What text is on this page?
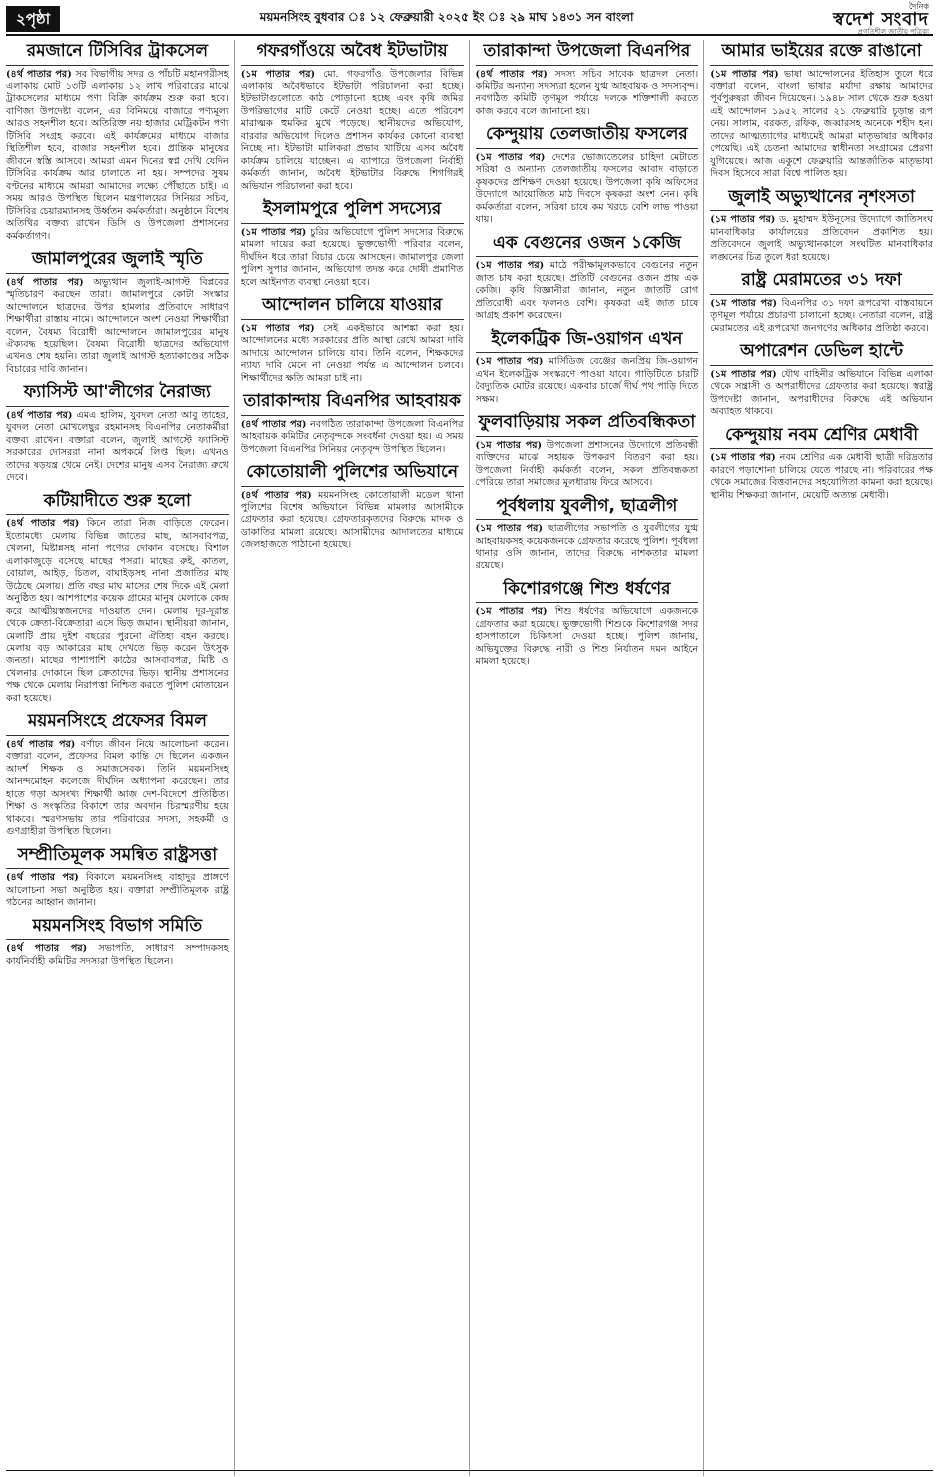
২পৃষ্ঠা	ময়মনসিংহ বুধবার ঃ ১২ ফেব্রুয়ারী ২০২৫ ইং ঃ ২৯ মাঘ ১৪৩১ সন বাংলা
দৈনিক
স্বদেশ সংবাদ
প্রগতিশীল জাতীয় পত্রিকা
রমজানে টিসিবির ট্রাকসেল

(৪র্থ পাতার পর) সব বিভাগীয় সদর ও পাঁচটি মহানগরীসহ এলাকায় মোট ১৩টি এলাকায় ১২ লাখ পরিবারের মাঝে ট্রাকসেলের মাধ্যমে পণ্য বিক্রি কার্যক্রম শুরু করা হবে। বাণিজ্য উপদেষ্টা বলেন, এর বিনিময়ে বাজারে পণ্যমূল্য আরও সহনশীল হবে। অতিরিক্ত নয় হাজার মেট্রিকটন পণ্য টিসিবি সংগ্রহ করবে। এই কার্যক্রমের মাধ্যমে বাজার স্থিতিশীল হবে, বাজার সহনশীল হবে। প্রান্তিক মানুষের জীবনে স্বস্তি আসবে। আমরা এমন দিনের স্বপ্ন দেখি যেদিন টিসিবির কার্যক্রম আর চালাতে না হয়। সম্পদের সুষম বণ্টনের মাধ্যমে আমরা আমাদের লক্ষ্যে পৌঁছাতে চাই। এ সময় আরও উপস্থিত ছিলেন মন্ত্রণালয়ের সিনিয়র সচিব, টিসিবির চেয়ারম্যানসহ উর্ধ্বতন কর্মকর্তারা। অনুষ্ঠানে বিশেষ অতিথির বক্তব্য রাখেন ডিসি ও উপজেলা প্রশাসনের কর্মকর্তাগণ।

জামালপুরের জুলাই স্মৃতি

(৪র্থ পাতার পর) অভ্যুত্থান জুলাই-আগস্ট বিপ্লবের স্মৃতিচারণ করছেন তারা। জামালপুরে কোটা সংস্কার আন্দোলনে ছাত্রদের উপর হামলার প্রতিবাদে সাধারণ শিক্ষার্থীরা রাস্তায় নামে। আন্দোলনে অংশ নেওয়া শিক্ষার্থীরা বলেন, বৈষম্য বিরোধী আন্দোলনে জামালপুরের মানুষ ঐক্যবদ্ধ হয়েছিল। বৈষম্য বিরোধী ছাত্রদের অভিযোগ এখনও শেষ হয়নি। তারা জুলাই আগস্ট হত্যাকাণ্ডের সঠিক বিচারের দাবি জানান।

ফ্যাসিস্ট আ'লীগের নৈরাজ্য

(৪র্থ পাতার পর) এমএ হালিম, যুবদল নেতা আবু তাহের, যুবদল নেতা মোখলেছুর রহমানসহ বিএনপির নেতাকর্মীরা বক্তব্য রাখেন। বক্তারা বলেন, জুলাই আগস্টে ফ্যাসিস্ট সরকারের দোসররা নানা অপকর্মে লিপ্ত ছিল। এখনও তাদের ষড়যন্ত্র থেমে নেই। দেশের মানুষ এসব নৈরাজ্য রুখে দেবে।

কটিয়াদীতে শুরু হলো

(৪র্থ পাতার পর) কিনে তারা নিজ বাড়িতে ফেরেন। ইতোমধ্যে মেলায় বিভিন্ন জাতের মাছ, আসবাবপত্র, খেলনা, মিষ্টান্নসহ নানা পণ্যের দোকান বসেছে। বিশাল এলাকাজুড়ে বসেছে মাছের পসরা। মাছের রুই, কাতল, বোয়াল, আইড়, চিতল, বাঘাইড়সহ নানা প্রজাতির মাছ উঠেছে মেলায়। প্রতি বছর মাঘ মাসের শেষ দিকে এই মেলা অনুষ্ঠিত হয়। আশপাশের কয়েক গ্রামের মানুষ মেলাকে কেন্দ্র করে আত্মীয়স্বজনদের দাওয়াত দেন। মেলায় দূর-দূরান্ত থেকে ক্রেতা-বিক্রেতারা এসে ভিড় জমান। স্থানীয়রা জানান, মেলাটি প্রায় দুইশ বছরের পুরনো ঐতিহ্য বহন করছে। মেলায় বড় আকারের মাছ দেখতে ভিড় করেন উৎসুক জনতা। মাছের পাশাপাশি কাঠের আসবাবপত্র, মিষ্টি ও খেলনার দোকানে ছিল ক্রেতাদের ভিড়। স্থানীয় প্রশাসনের পক্ষ থেকে মেলায় নিরাপত্তা নিশ্চিত করতে পুলিশ মোতায়েন করা হয়েছে।

ময়মনসিংহে প্রফেসর বিমল

(৪র্থ পাতার পর) বর্ণাঢ্য জীবন নিয়ে আলোচনা করেন। বক্তারা বলেন, প্রফেসর বিমল কান্তি দে ছিলেন একজন আদর্শ শিক্ষক ও সমাজসেবক। তিনি ময়মনসিংহ আনন্দমোহন কলেজে দীর্ঘদিন অধ্যাপনা করেছেন। তার হাতে গড়া অসংখ্য শিক্ষার্থী আজ দেশ-বিদেশে প্রতিষ্ঠিত। শিক্ষা ও সংস্কৃতির বিকাশে তার অবদান চিরস্মরণীয় হয়ে থাকবে। স্মরণসভায় তার পরিবারের সদস্য, সহকর্মী ও গুণগ্রাহীরা উপস্থিত ছিলেন।

সম্প্রীতিমূলক সমন্বিত রাষ্ট্রসত্তা

(৪র্থ পাতার পর) বিকালে ময়মনসিংহ বাহাদুর প্রাঙ্গণে আলোচনা সভা অনুষ্ঠিত হয়। বক্তারা সম্প্রীতিমূলক রাষ্ট্র গঠনের আহ্বান জানান।

ময়মনসিংহ বিভাগ সমিতি

(৪র্থ পাতার পর) সভাপতি, সাধারণ সম্পাদকসহ কার্যনির্বাহী কমিটির সদস্যরা উপস্থিত ছিলেন।

গফরগাঁওয়ে অবৈধ ইটভাটায়

(১ম পাতার পর) মো. গফরগাঁও উপজেলার বিভিন্ন এলাকায় অবৈধভাবে ইটভাটা পরিচালনা করা হচ্ছে। ইটভাটাগুলোতে কাঠ পোড়ানো হচ্ছে এবং কৃষি জমির উপরিভাগের মাটি কেটে নেওয়া হচ্ছে। এতে পরিবেশ মারাত্মক হুমকির মুখে পড়েছে। স্থানীয়দের অভিযোগ, বারবার অভিযোগ দিলেও প্রশাসন কার্যকর কোনো ব্যবস্থা নিচ্ছে না। ইটভাটা মালিকরা প্রভাব খাটিয়ে এসব অবৈধ কার্যক্রম চালিয়ে যাচ্ছেন। এ ব্যাপারে উপজেলা নির্বাহী কর্মকর্তা জানান, অবৈধ ইটভাটার বিরুদ্ধে শিগগিরই অভিযান পরিচালনা করা হবে।

ইসলামপুরে পুলিশ সদস্যের

(১ম পাতার পর) চুরির অভিযোগে পুলিশ সদস্যের বিরুদ্ধে মামলা দায়ের করা হয়েছে। ভুক্তভোগী পরিবার বলেন, দীর্ঘদিন ধরে তারা বিচার চেয়ে আসছেন। জামালপুর জেলা পুলিশ সুপার জানান, অভিযোগ তদন্ত করে দোষী প্রমাণিত হলে আইনগত ব্যবস্থা নেওয়া হবে।

আন্দোলন চালিয়ে যাওয়ার

(১ম পাতার পর) সেই একইভাবে আশঙ্কা করা হয়। আন্দোলনের মধ্যে সরকারের প্রতি আস্থা রেখে আমরা দাবি আদায়ে আন্দোলন চালিয়ে যাব। তিনি বলেন, শিক্ষকদের ন্যায্য দাবি মেনে না নেওয়া পর্যন্ত এ আন্দোলন চলবে। শিক্ষার্থীদের ক্ষতি আমরা চাই না।

তারাকান্দায় বিএনপির আহবায়ক

(৪র্থ পাতার পর) নবগঠিত তারাকান্দা উপজেলা বিএনপির আহবায়ক কমিটির নেতৃবৃন্দকে সংবর্ধনা দেওয়া হয়। এ সময় উপজেলা বিএনপির সিনিয়র নেতৃবৃন্দ উপস্থিত ছিলেন।

কোতোয়ালী পুলিশের অভিযানে

(৪র্থ পাতার পর) ময়মনসিংহ কোতোয়ালী মডেল থানা পুলিশের বিশেষ অভিযানে বিভিন্ন মামলার আসামীকে গ্রেফতার করা হয়েছে। গ্রেফতারকৃতদের বিরুদ্ধে মাদক ও ডাকাতির মামলা রয়েছে। আসামীদের আদালতের মাধ্যমে জেলহাজতে পাঠানো হয়েছে।

তারাকান্দা উপজেলা বিএনপির

(৪র্থ পাতার পর) সদস্য সচিব সাবেক ছাত্রদল নেতা। কমিটির অন্যান্য সদস্যরা হলেন যুগ্ম আহবায়ক ও সদস্যবৃন্দ। নবগঠিত কমিটি তৃণমূল পর্যায়ে দলকে শক্তিশালী করতে কাজ করবে বলে জানানো হয়।

কেন্দুয়ায় তেলজাতীয় ফসলের

(১ম পাতার পর) দেশের ভোজ্যতেলের চাহিদা মেটাতে সরিষা ও অন্যান্য তেলজাতীয় ফসলের আবাদ বাড়াতে কৃষকদের প্রশিক্ষণ দেওয়া হয়েছে। উপজেলা কৃষি অফিসের উদ্যোগে আয়োজিত মাঠ দিবসে কৃষকরা অংশ নেন। কৃষি কর্মকর্তারা বলেন, সরিষা চাষে কম খরচে বেশি লাভ পাওয়া যায়।

এক বেগুনের ওজন ১কেজি

(১ম পাতার পর) মাঠে পরীক্ষামূলকভাবে বেগুনের নতুন জাত চাষ করা হয়েছে। প্রতিটি বেগুনের ওজন প্রায় এক কেজি। কৃষি বিজ্ঞানীরা জানান, নতুন জাতটি রোগ প্রতিরোধী এবং ফলনও বেশি। কৃষকরা এই জাত চাষে আগ্রহ প্রকাশ করেছেন।

ইলেকট্রিক জি-ওয়াগন এখন

(১ম পাতার পর) মার্সিডিজ বেঞ্জের জনপ্রিয় জি-ওয়াগন এখন ইলেকট্রিক সংস্করণে পাওয়া যাবে। গাড়িটিতে চারটি বৈদ্যুতিক মোটর রয়েছে। একবার চার্জে দীর্ঘ পথ পাড়ি দিতে সক্ষম।

ফুলবাড়িয়ায় সকল প্রতিবন্ধিকতা

(১ম পাতার পর) উপজেলা প্রশাসনের উদ্যোগে প্রতিবন্ধী ব্যক্তিদের মাঝে সহায়ক উপকরণ বিতরণ করা হয়। উপজেলা নির্বাহী কর্মকর্তা বলেন, সকল প্রতিবন্ধকতা পেরিয়ে তারা সমাজের মূলধারায় ফিরে আসবে।

পূর্বধলায় যুবলীগ, ছাত্রলীগ

(১ম পাতার পর) ছাত্রলীগের সভাপতি ও যুবলীগের যুগ্ম আহবায়কসহ কয়েকজনকে গ্রেফতার করেছে পুলিশ। পূর্বধলা থানার ওসি জানান, তাদের বিরুদ্ধে নাশকতার মামলা রয়েছে।

কিশোরগঞ্জে শিশু ধর্ষণের

(১ম পাতার পর) শিশু ধর্ষণের অভিযোগে একজনকে গ্রেফতার করা হয়েছে। ভুক্তভোগী শিশুকে কিশোরগঞ্জ সদর হাসপাতালে চিকিৎসা দেওয়া হচ্ছে। পুলিশ জানায়, অভিযুক্তের বিরুদ্ধে নারী ও শিশু নির্যাতন দমন আইনে মামলা হয়েছে।

আমার ভাইয়ের রক্তে রাঙানো

(১ম পাতার পর) ভাষা আন্দোলনের ইতিহাস তুলে ধরে বক্তারা বলেন, বাংলা ভাষার মর্যাদা রক্ষায় আমাদের পূর্বপুরুষরা জীবন দিয়েছেন। ১৯৪৮ সাল থেকে শুরু হওয়া এই আন্দোলন ১৯৫২ সালের ২১ ফেব্রুয়ারি চূড়ান্ত রূপ নেয়। সালাম, বরকত, রফিক, জব্বারসহ অনেকে শহীদ হন। তাদের আত্মত্যাগের মাধ্যমেই আমরা মাতৃভাষার অধিকার পেয়েছি। এই চেতনা আমাদের স্বাধীনতা সংগ্রামের প্রেরণা যুগিয়েছে। আজ একুশে ফেব্রুয়ারি আন্তর্জাতিক মাতৃভাষা দিবস হিসেবে সারা বিশ্বে পালিত হয়।

জুলাই অভ্যুত্থানের নৃশংসতা

(১ম পাতার পর) ড. মুহাম্মদ ইউনূসের উদ্যোগে জাতিসংঘ মানবাধিকার কার্যালয়ের প্রতিবেদন প্রকাশিত হয়। প্রতিবেদনে জুলাই অভ্যুত্থানকালে সংঘটিত মানবাধিকার লঙ্ঘনের চিত্র তুলে ধরা হয়েছে।

রাষ্ট্র মেরামতের ৩১ দফা

(১ম পাতার পর) বিএনপির ৩১ দফা রূপরেখা বাস্তবায়নে তৃণমূল পর্যায়ে প্রচারণা চালানো হচ্ছে। নেতারা বলেন, রাষ্ট্র মেরামতের এই রূপরেখা জনগণের অধিকার প্রতিষ্ঠা করবে।

অপারেশন ডেভিল হান্টে

(১ম পাতার পর) যৌথ বাহিনীর অভিযানে বিভিন্ন এলাকা থেকে সন্ত্রাসী ও অপরাধীদের গ্রেফতার করা হয়েছে। স্বরাষ্ট্র উপদেষ্টা জানান, অপরাধীদের বিরুদ্ধে এই অভিযান অব্যাহত থাকবে।

কেন্দুয়ায় নবম শ্রেণির মেধাবী

(১ম পাতার পর) নবম শ্রেণির এক মেধাবী ছাত্রী দরিদ্রতার কারণে পড়াশোনা চালিয়ে যেতে পারছে না। পরিবারের পক্ষ থেকে সমাজের বিত্তবানদের সহযোগিতা কামনা করা হয়েছে। স্থানীয় শিক্ষকরা জানান, মেয়েটি অত্যন্ত মেধাবী।
